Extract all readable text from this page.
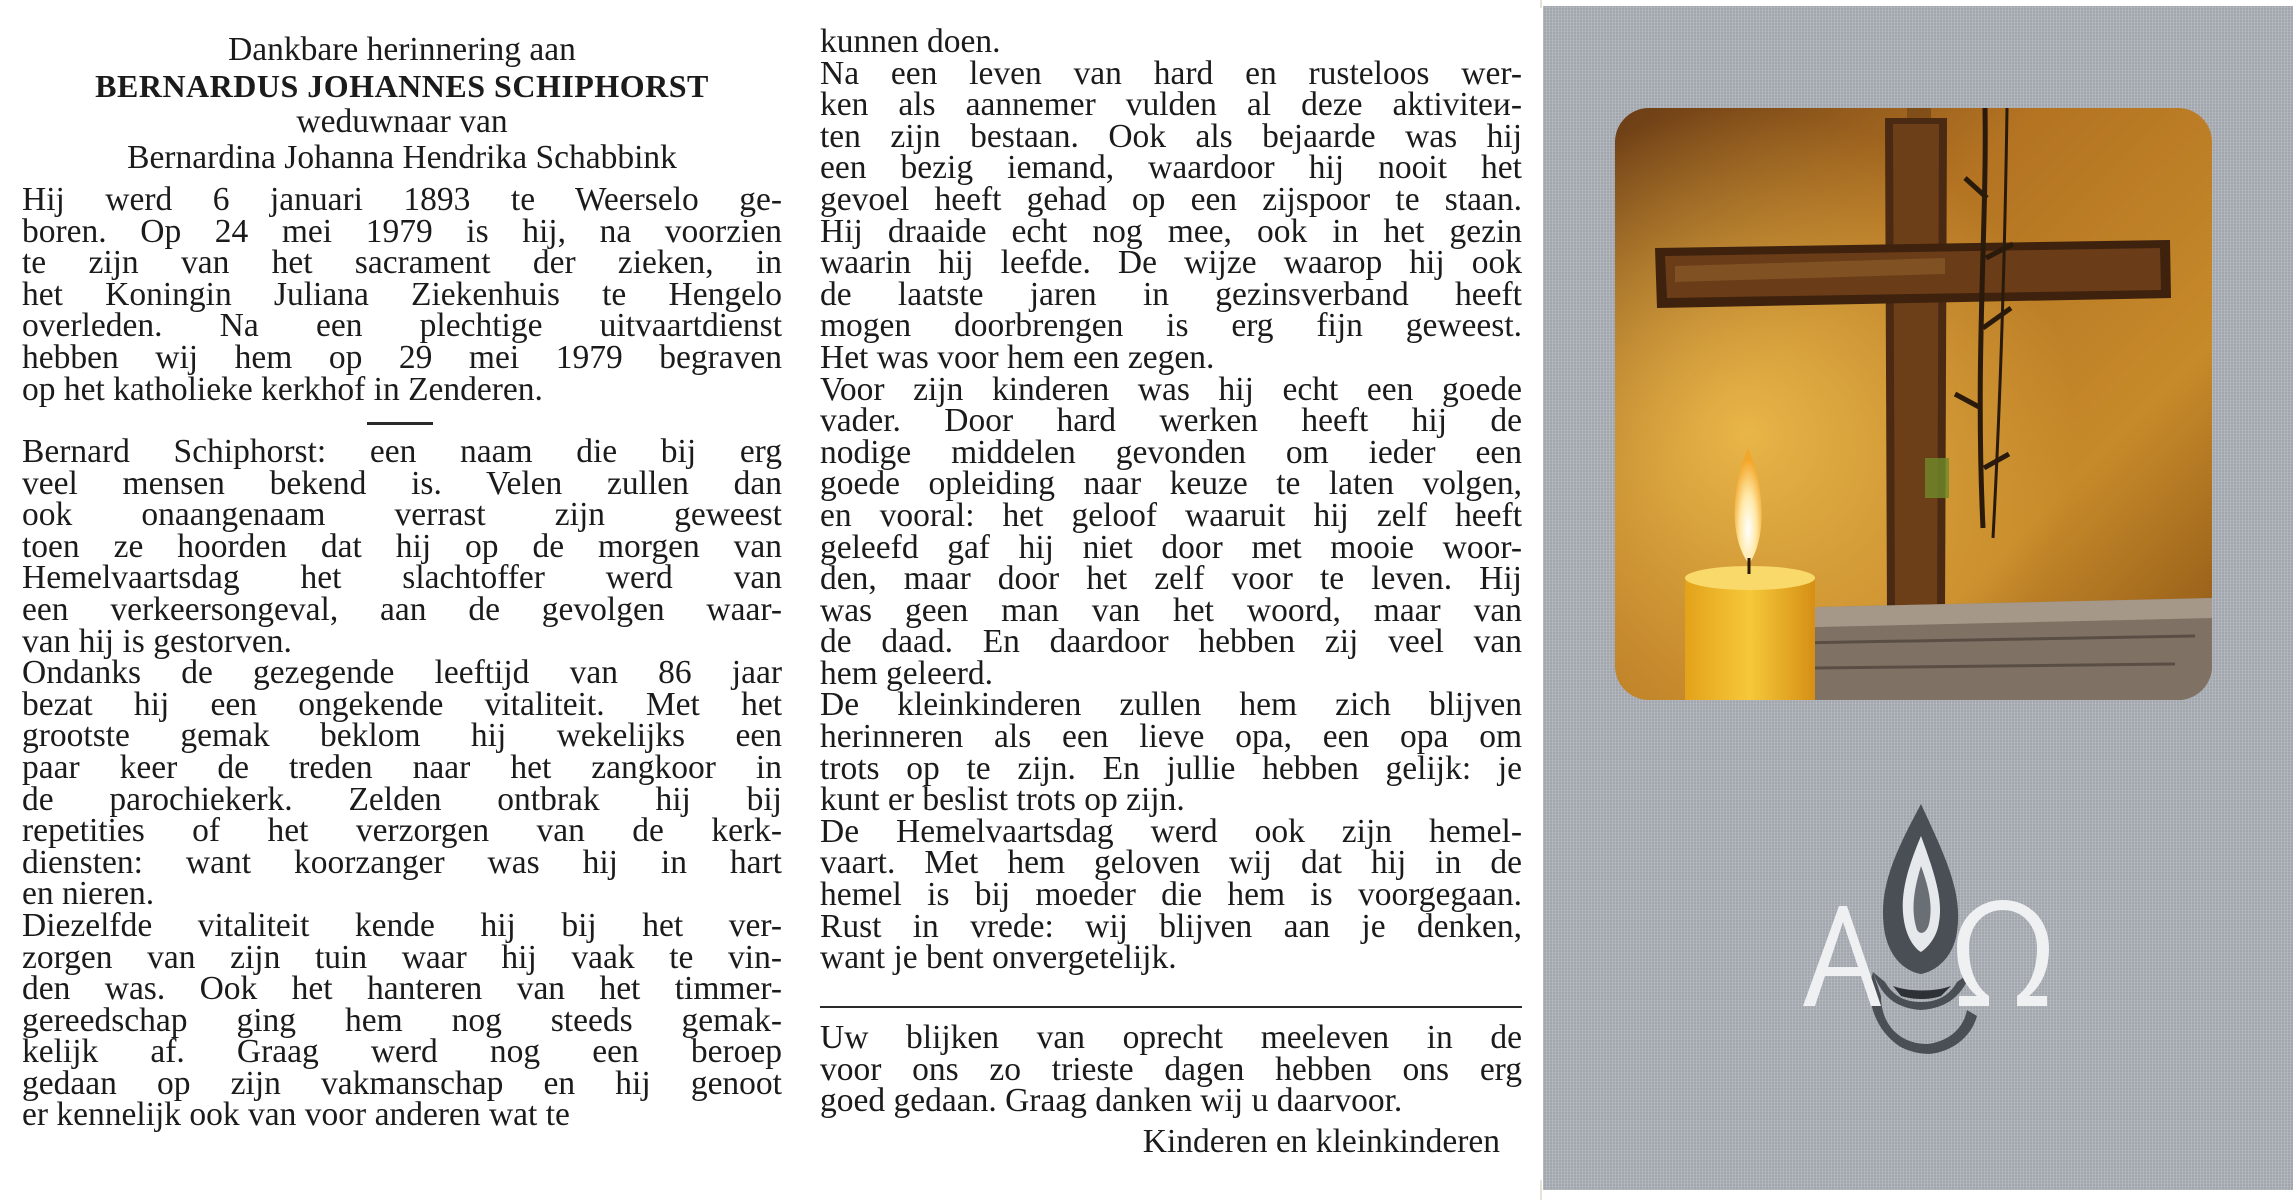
Dankbare herinnering aan
BERNARDUS JOHANNES SCHIPHORST
weduwnaar van
Bernardina Johanna Hendrika Schabbink
Hij werd 6 januari 1893 te Weerselo ge-
boren. Op 24 mei 1979 is hij, na voorzien
te zijn van het sacrament der zieken, in
het Koningin Juliana Ziekenhuis te Hengelo
overleden. Na een plechtige uitvaartdienst
hebben wij hem op 29 mei 1979 begraven
op het katholieke kerkhof in Zenderen.
Bernard Schiphorst: een naam die bij erg
veel mensen bekend is. Velen zullen dan
ook onaangenaam verrast zijn geweest
toen ze hoorden dat hij op de morgen van
Hemelvaartsdag het slachtoffer werd van
een verkeersongeval, aan de gevolgen waar-
van hij is gestorven.
Ondanks de gezegende leeftijd van 86 jaar
bezat hij een ongekende vitaliteit. Met het
grootste gemak beklom hij wekelijks een
paar keer de treden naar het zangkoor in
de parochiekerk. Zelden ontbrak hij bij
repetities of het verzorgen van de kerk-
diensten: want koorzanger was hij in hart
en nieren.
Diezelfde vitaliteit kende hij bij het ver-
zorgen van zijn tuin waar hij vaak te vin-
den was. Ook het hanteren van het timmer-
gereedschap ging hem nog steeds gemak-
kelijk af. Graag werd nog een beroep
gedaan op zijn vakmanschap en hij genoot
er kennelijk ook van voor anderen wat te
kunnen doen.
Na een leven van hard en rusteloos wer-
ken als aannemer vulden al deze aktiviteи-
ten zijn bestaan. Ook als bejaarde was hij
een bezig iemand, waardoor hij nooit het
gevoel heeft gehad op een zijspoor te staan.
Hij draaide echt nog mee, ook in het gezin
waarin hij leefde. De wijze waarop hij ook
de laatste jaren in gezinsverband heeft
mogen doorbrengen is erg fijn geweest.
Het was voor hem een zegen.
Voor zijn kinderen was hij echt een goede
vader. Door hard werken heeft hij de
nodige middelen gevonden om ieder een
goede opleiding naar keuze te laten volgen,
en vooral: het geloof waaruit hij zelf heeft
geleefd gaf hij niet door met mooie woor-
den, maar door het zelf voor te leven. Hij
was geen man van het woord, maar van
de daad. En daardoor hebben zij veel van
hem geleerd.
De kleinkinderen zullen hem zich blijven
herinneren als een lieve opa, een opa om
trots op te zijn. En jullie hebben gelijk: je
kunt er beslist trots op zijn.
De Hemelvaartsdag werd ook zijn hemel-
vaart. Met hem geloven wij dat hij in de
hemel is bij moeder die hem is voorgegaan.
Rust in vrede: wij blijven aan je denken,
want je bent onvergetelijk.
Uw blijken van oprecht meeleven in de
voor ons zo trieste dagen hebben ons erg
goed gedaan. Graag danken wij u daarvoor.
Kinderen en kleinkinderen
